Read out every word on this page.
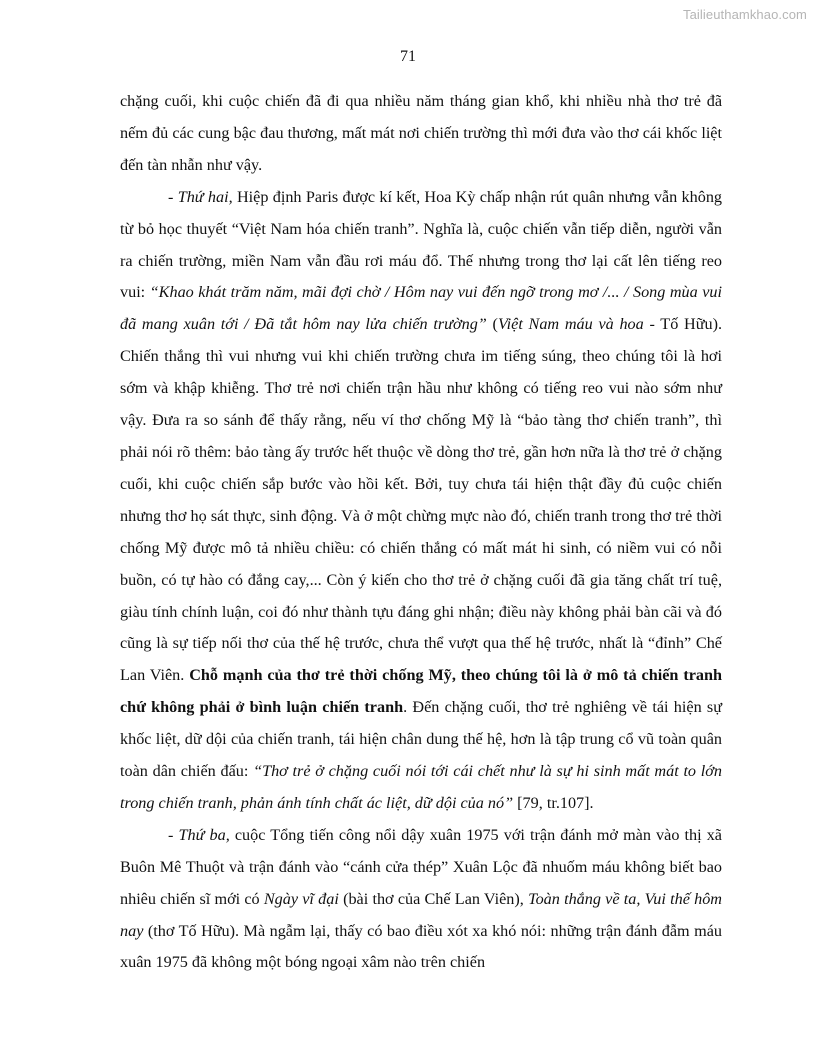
Tailieuthamkhao.com
71

chặng cuối, khi cuộc chiến đã đi qua nhiều năm tháng gian khổ, khi nhiều nhà thơ trẻ đã nếm đủ các cung bậc đau thương, mất mát nơi chiến trường thì mới đưa vào thơ cái khốc liệt đến tàn nhẫn như vậy.

- Thứ hai, Hiệp định Paris được kí kết, Hoa Kỳ chấp nhận rút quân nhưng vẫn không từ bỏ học thuyết “Việt Nam hóa chiến tranh”. Nghĩa là, cuộc chiến vẫn tiếp diễn, người vẫn ra chiến trường, miền Nam vẫn đầu rơi máu đổ. Thế nhưng trong thơ lại cất lên tiếng reo vui: “Khao khát trăm năm, mãi đợi chờ / Hôm nay vui đến ngỡ trong mơ /... / Song mùa vui đã mang xuân tới / Đã tắt hôm nay lửa chiến trường” (Việt Nam máu và hoa - Tố Hữu). Chiến thắng thì vui nhưng vui khi chiến trường chưa im tiếng súng, theo chúng tôi là hơi sớm và khập khiễng. Thơ trẻ nơi chiến trận hầu như không có tiếng reo vui nào sớm như vậy. Đưa ra so sánh để thấy rằng, nếu ví thơ chống Mỹ là “bảo tàng thơ chiến tranh”, thì phải nói rõ thêm: bảo tàng ấy trước hết thuộc về dòng thơ trẻ, gần hơn nữa là thơ trẻ ở chặng cuối, khi cuộc chiến sắp bước vào hồi kết. Bởi, tuy chưa tái hiện thật đầy đủ cuộc chiến nhưng thơ họ sát thực, sinh động. Và ở một chừng mực nào đó, chiến tranh trong thơ trẻ thời chống Mỹ được mô tả nhiều chiều: có chiến thắng có mất mát hi sinh, có niềm vui có nỗi buồn, có tự hào có đắng cay,... Còn ý kiến cho thơ trẻ ở chặng cuối đã gia tăng chất trí tuệ, giàu tính chính luận, coi đó như thành tựu đáng ghi nhận; điều này không phải bàn cãi và đó cũng là sự tiếp nối thơ của thế hệ trước, chưa thể vượt qua thế hệ trước, nhất là “đỉnh” Chế Lan Viên. Chỗ mạnh của thơ trẻ thời chống Mỹ, theo chúng tôi là ở mô tả chiến tranh chứ không phải ở bình luận chiến tranh. Đến chặng cuối, thơ trẻ nghiêng về tái hiện sự khốc liệt, dữ dội của chiến tranh, tái hiện chân dung thế hệ, hơn là tập trung cổ vũ toàn quân toàn dân chiến đấu: “Thơ trẻ ở chặng cuối nói tới cái chết như là sự hi sinh mất mát to lớn trong chiến tranh, phản ánh tính chất ác liệt, dữ dội của nó” [79, tr.107].

- Thứ ba, cuộc Tổng tiến công nổi dậy xuân 1975 với trận đánh mở màn vào thị xã Buôn Mê Thuột và trận đánh vào “cánh cửa thép” Xuân Lộc đã nhuốm máu không biết bao nhiêu chiến sĩ mới có Ngày vĩ đại (bài thơ của Chế Lan Viên), Toàn thắng về ta, Vui thế hôm nay (thơ Tố Hữu). Mà ngẫm lại, thấy có bao điều xót xa khó nói: những trận đánh đẫm máu xuân 1975 đã không một bóng ngoại xâm nào trên chiến
